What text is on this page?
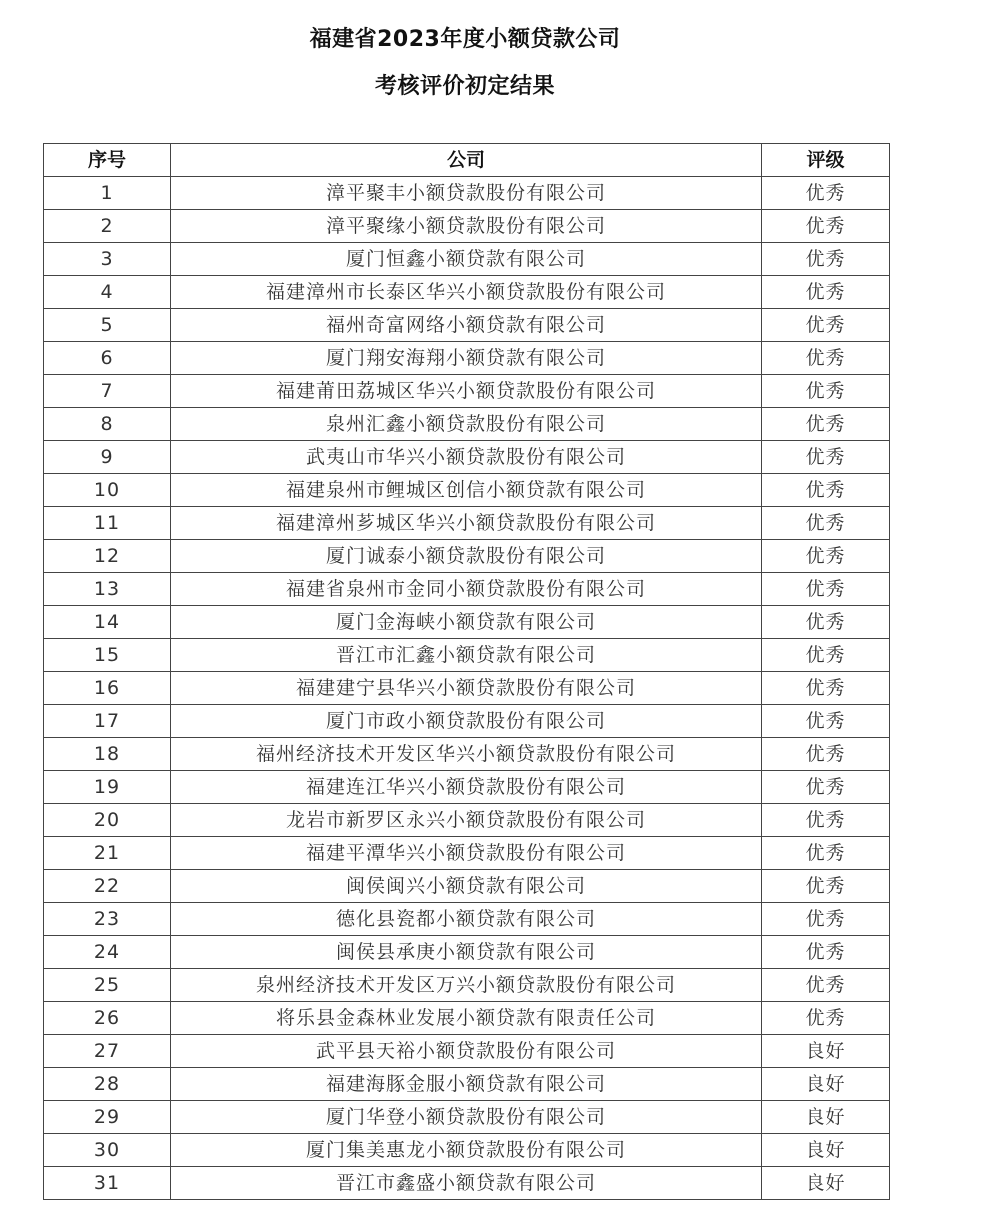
福建省2023年度小额贷款公司
考核评价初定结果
序号	公司	评级
1	漳平聚丰小额贷款股份有限公司	优秀
2	漳平聚缘小额贷款股份有限公司	优秀
3	厦门恒鑫小额贷款有限公司	优秀
4	福建漳州市长泰区华兴小额贷款股份有限公司	优秀
5	福州奇富网络小额贷款有限公司	优秀
6	厦门翔安海翔小额贷款有限公司	优秀
7	福建莆田荔城区华兴小额贷款股份有限公司	优秀
8	泉州汇鑫小额贷款股份有限公司	优秀
9	武夷山市华兴小额贷款股份有限公司	优秀
10	福建泉州市鲤城区创信小额贷款有限公司	优秀
11	福建漳州芗城区华兴小额贷款股份有限公司	优秀
12	厦门诚泰小额贷款股份有限公司	优秀
13	福建省泉州市金同小额贷款股份有限公司	优秀
14	厦门金海峡小额贷款有限公司	优秀
15	晋江市汇鑫小额贷款有限公司	优秀
16	福建建宁县华兴小额贷款股份有限公司	优秀
17	厦门市政小额贷款股份有限公司	优秀
18	福州经济技术开发区华兴小额贷款股份有限公司	优秀
19	福建连江华兴小额贷款股份有限公司	优秀
20	龙岩市新罗区永兴小额贷款股份有限公司	优秀
21	福建平潭华兴小额贷款股份有限公司	优秀
22	闽侯闽兴小额贷款有限公司	优秀
23	德化县瓷都小额贷款有限公司	优秀
24	闽侯县承庚小额贷款有限公司	优秀
25	泉州经济技术开发区万兴小额贷款股份有限公司	优秀
26	将乐县金森林业发展小额贷款有限责任公司	优秀
27	武平县天裕小额贷款股份有限公司	良好
28	福建海豚金服小额贷款有限公司	良好
29	厦门华登小额贷款股份有限公司	良好
30	厦门集美惠龙小额贷款股份有限公司	良好
31	晋江市鑫盛小额贷款有限公司	良好
